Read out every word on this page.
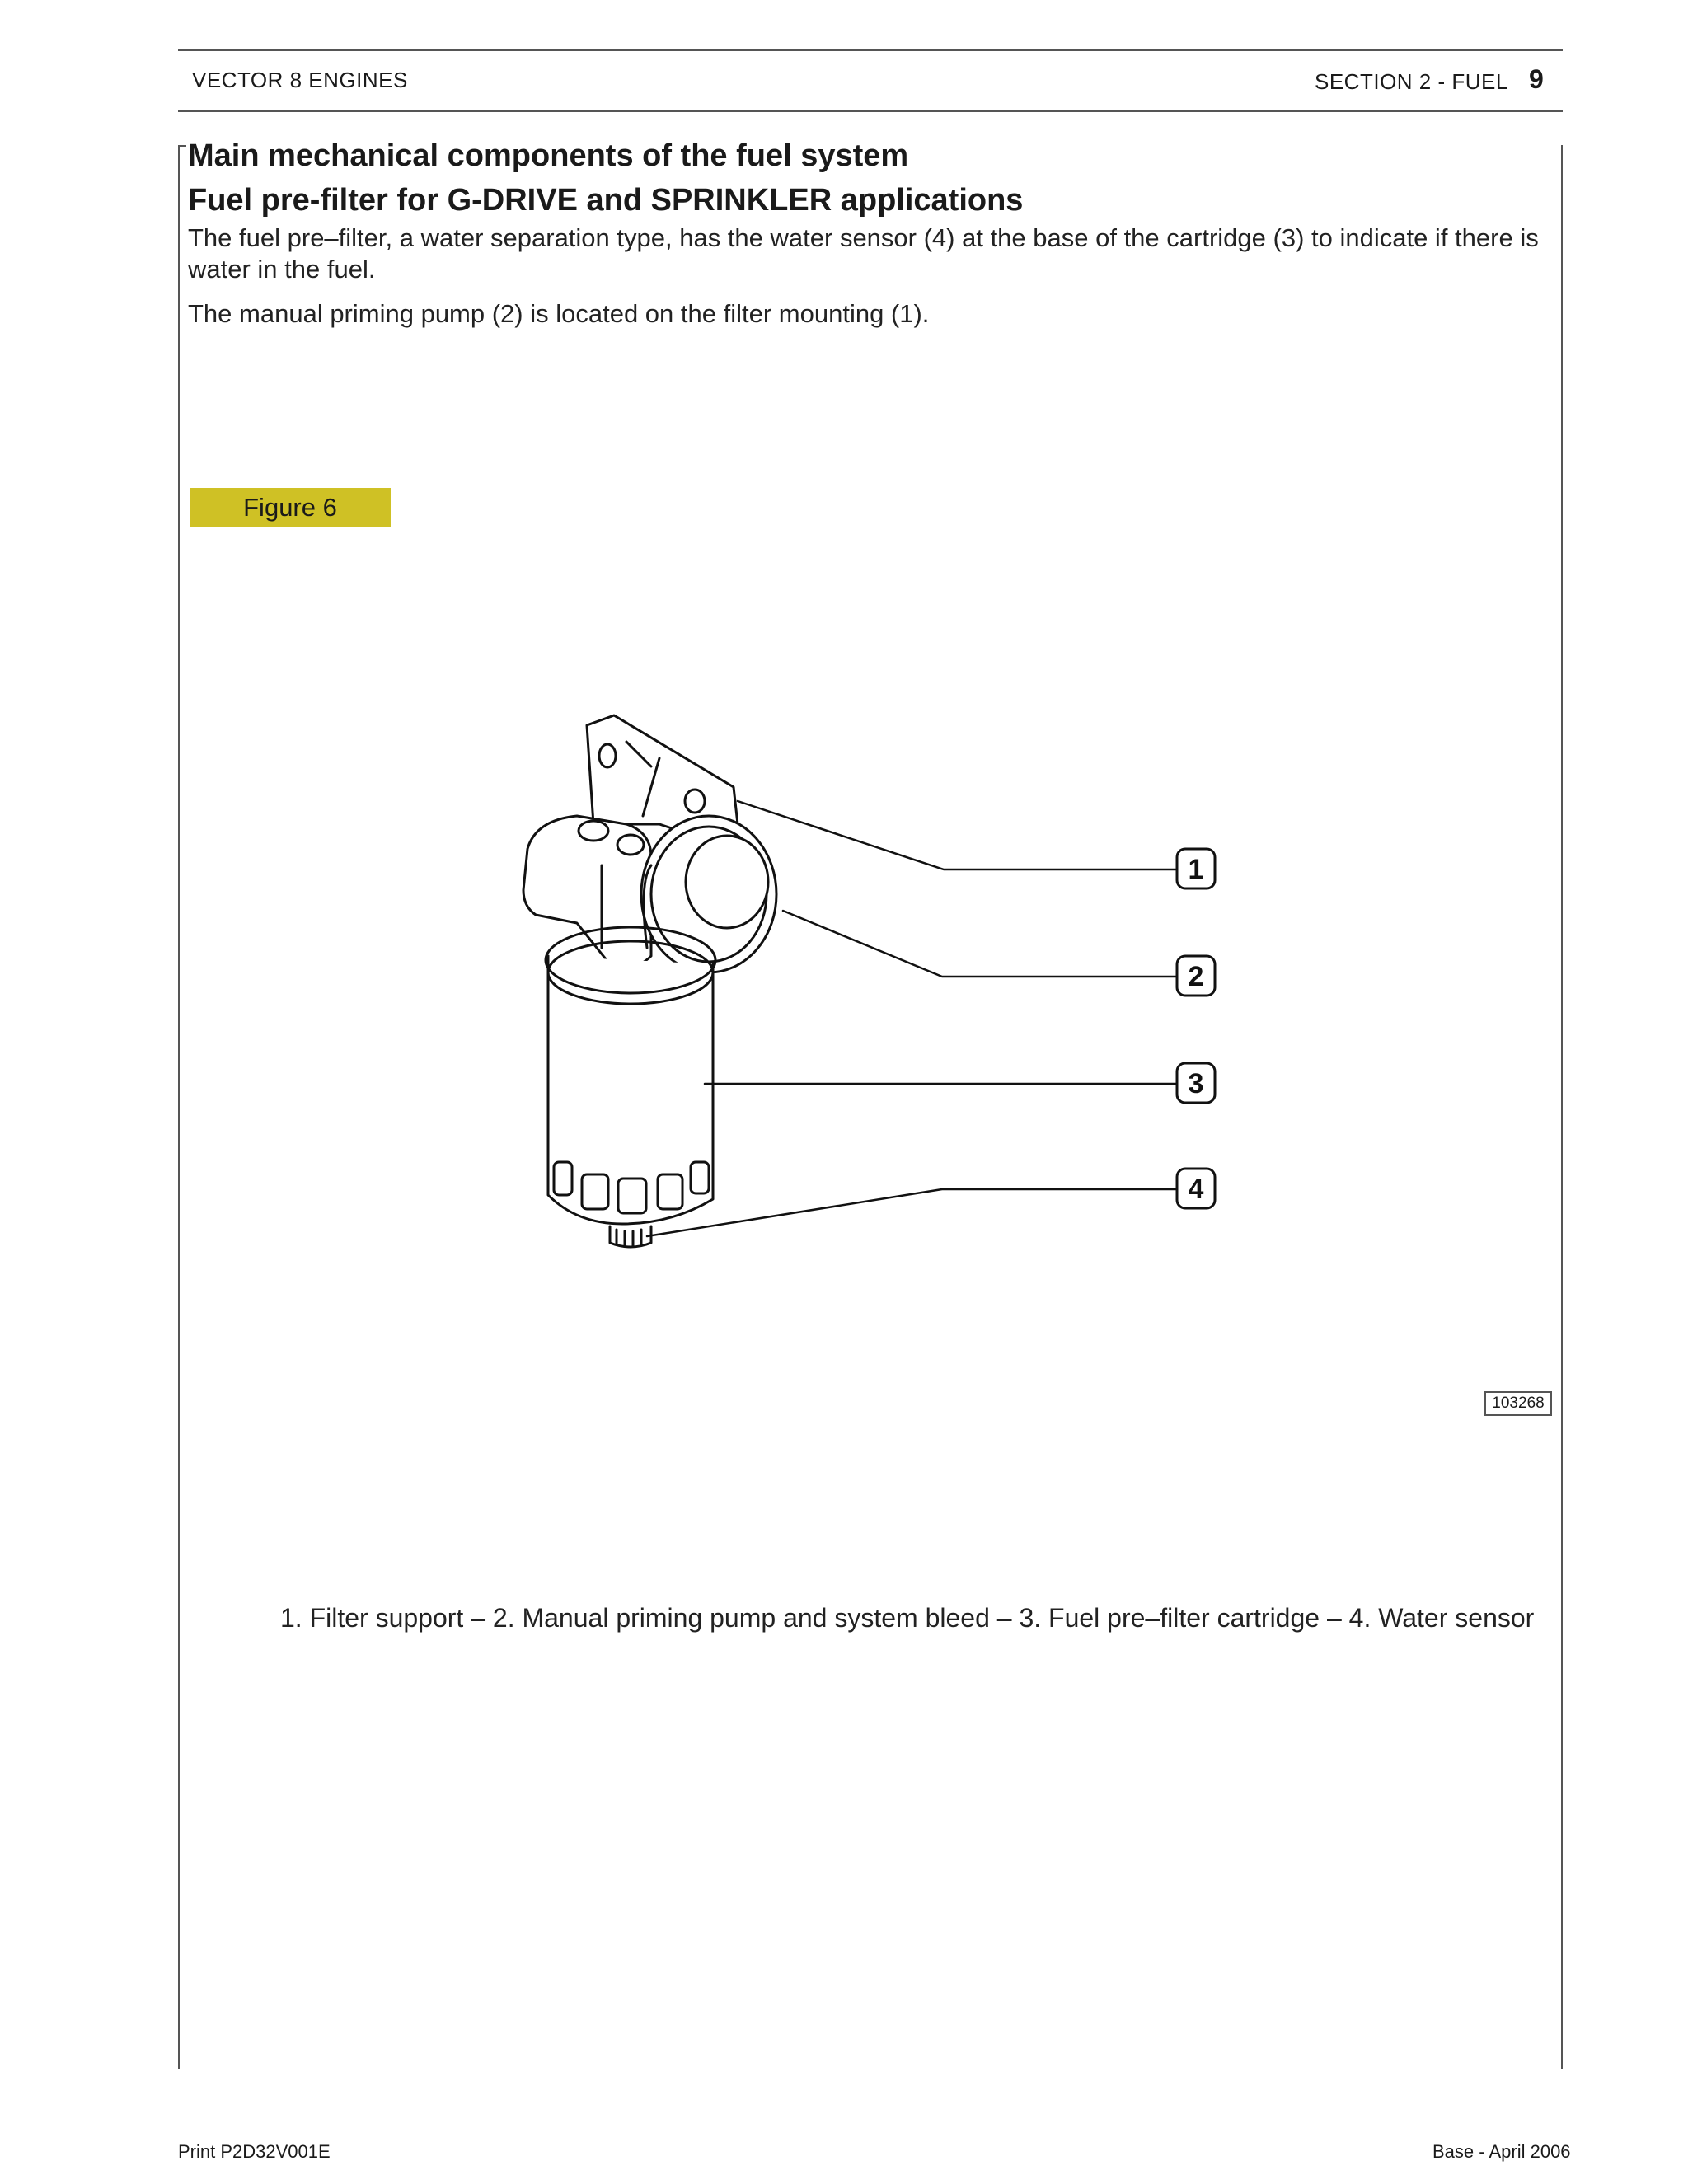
VECTOR 8 ENGINES	SECTION 2 - FUEL 9
Main mechanical components of the fuel system
Fuel pre-filter for G-DRIVE and SPRINKLER applications
The fuel pre–filter, a water separation type, has the water sensor (4) at the base of the cartridge (3) to indicate if there is water in the fuel.
The manual priming pump (2) is located on the filter mounting (1).
Figure 6
1
2
3
4
103268
1. Filter support – 2. Manual priming pump and system bleed – 3. Fuel pre–filter cartridge – 4. Water sensor
Print P2D32V001E	Base - April 2006
